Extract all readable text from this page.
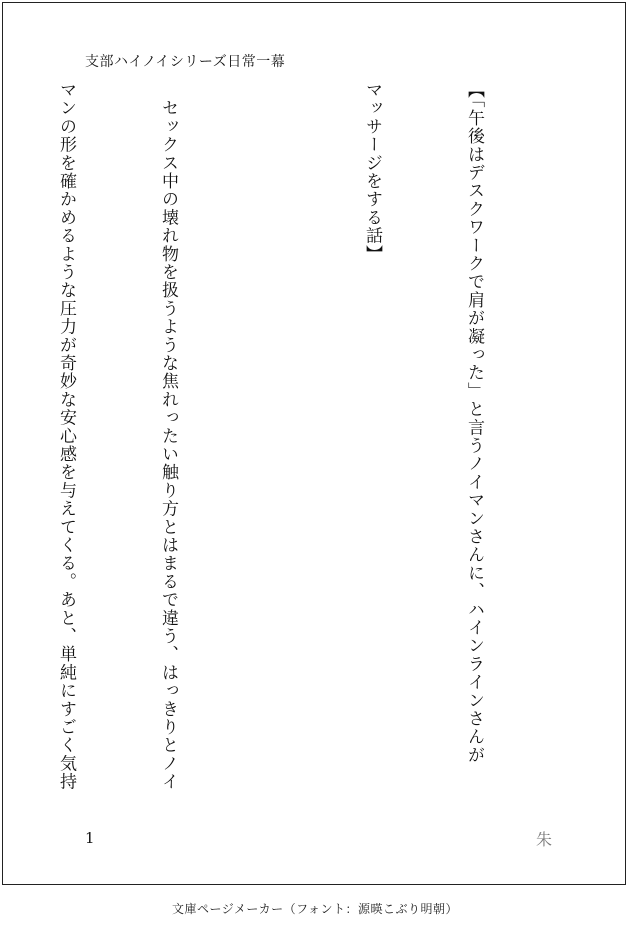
支部ハイノイシリーズ日常一幕

【「午後はデスクワークで肩が凝った」と言うノイマンさんに、ハインラインさんが

マッサージをする話】

　セックス中の壊れ物を扱うような焦れったい触り方とはまるで違う、はっきりとノイ

マンの形を確かめるような圧力が奇妙な安心感を与えてくる。あと、単純にすごく気持

1	朱
文庫ページメーカー（フォント：源暎こぶり明朝）
